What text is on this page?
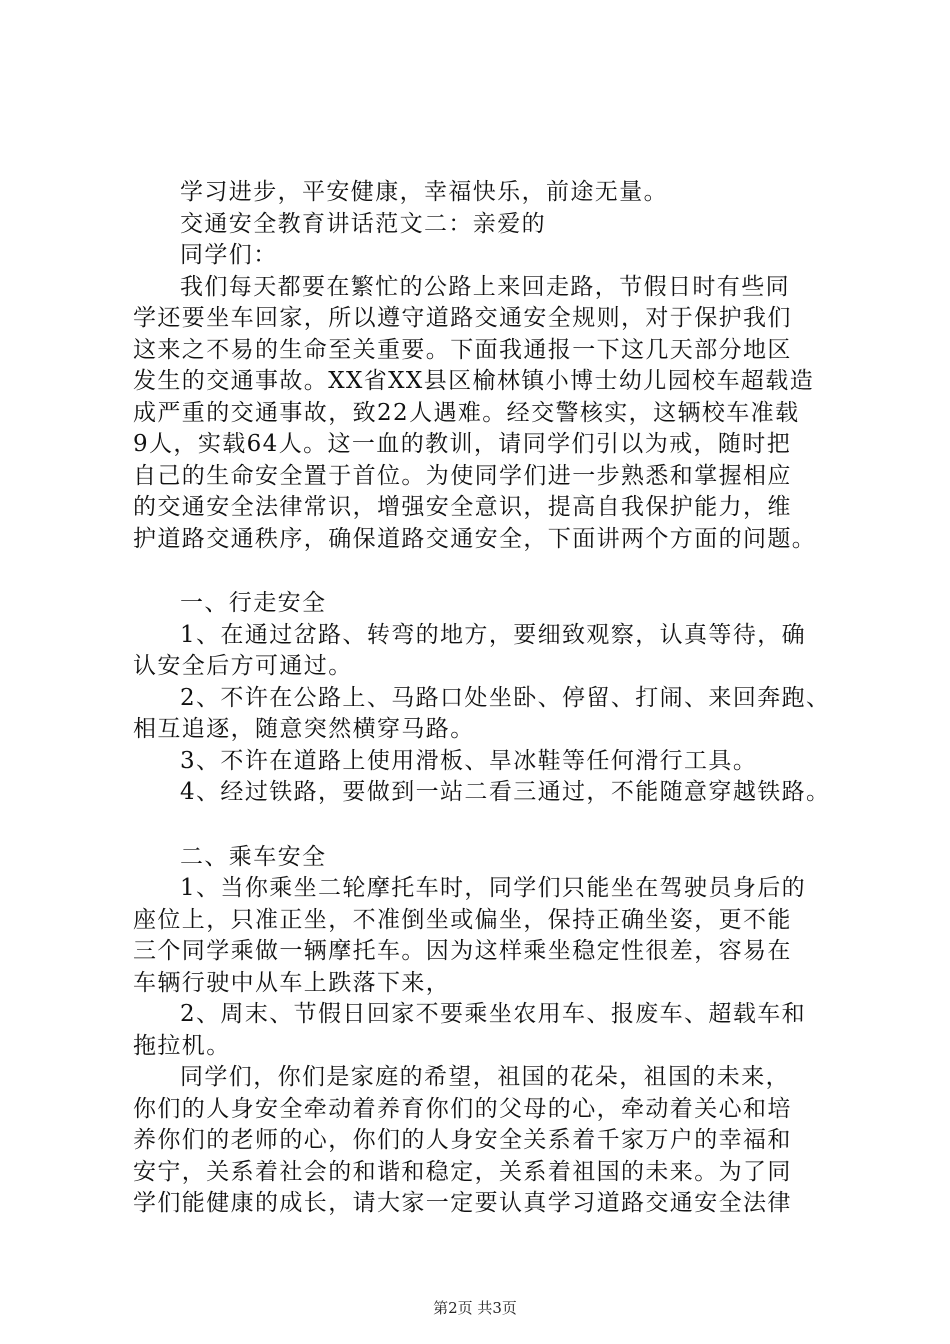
学习进步，平安健康，幸福快乐，前途无量。
交通安全教育讲话范文二：亲爱的
同学们：
我们每天都要在繁忙的公路上来回走路，节假日时有些同
学还要坐车回家，所以遵守道路交通安全规则，对于保护我们
这来之不易的生命至关重要。下面我通报一下这几天部分地区
发生的交通事故。XX省XX县区榆林镇小博士幼儿园校车超载造
成严重的交通事故，致22人遇难。经交警核实，这辆校车准载
9人，实载64人。这一血的教训，请同学们引以为戒，随时把
自己的生命安全置于首位。为使同学们进一步熟悉和掌握相应
的交通安全法律常识，增强安全意识，提高自我保护能力，维
护道路交通秩序，确保道路交通安全，下面讲两个方面的问题。
一、行走安全
1、在通过岔路、转弯的地方，要细致观察，认真等待，确
认安全后方可通过。
2、不许在公路上、马路口处坐卧、停留、打闹、来回奔跑、
相互追逐，随意突然横穿马路。
3、不许在道路上使用滑板、旱冰鞋等任何滑行工具。
4、经过铁路，要做到一站二看三通过，不能随意穿越铁路。
二、乘车安全
1、当你乘坐二轮摩托车时，同学们只能坐在驾驶员身后的
座位上，只准正坐，不准倒坐或偏坐，保持正确坐姿，更不能
三个同学乘做一辆摩托车。因为这样乘坐稳定性很差，容易在
车辆行驶中从车上跌落下来，
2、周末、节假日回家不要乘坐农用车、报废车、超载车和
拖拉机。
同学们，你们是家庭的希望，祖国的花朵，祖国的未来，
你们的人身安全牵动着养育你们的父母的心，牵动着关心和培
养你们的老师的心，你们的人身安全关系着千家万户的幸福和
安宁，关系着社会的和谐和稳定，关系着祖国的未来。为了同
学们能健康的成长，请大家一定要认真学习道路交通安全法律
第2页 共3页
